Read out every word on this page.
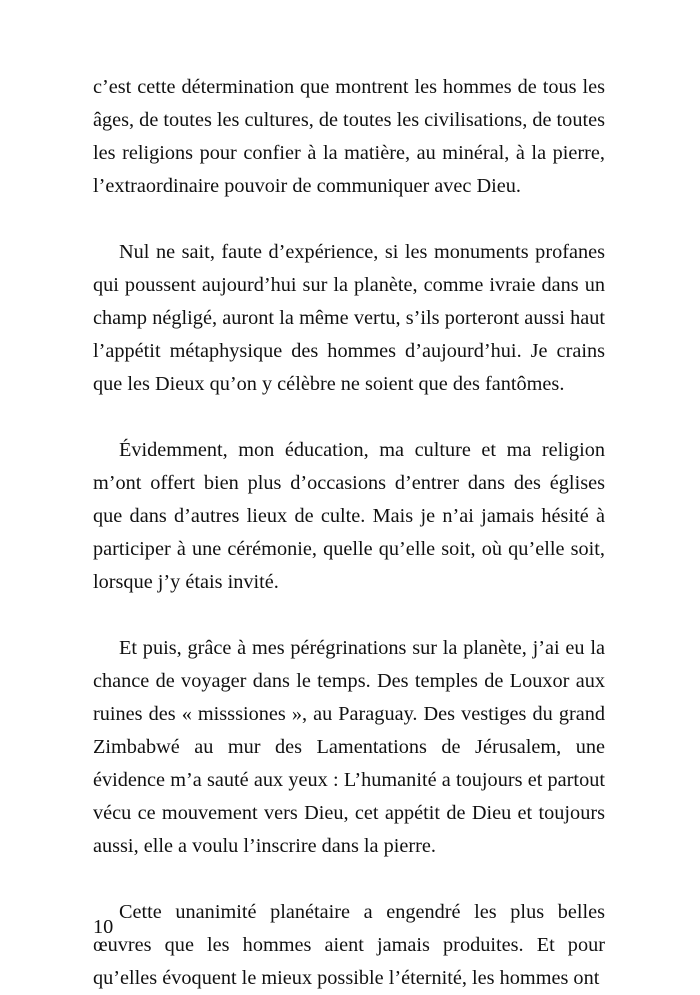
c’est cette détermination que montrent les hommes de tous les âges, de toutes les cultures, de toutes les civilisations, de toutes les religions pour confier à la matière, au minéral, à la pierre, l’extraordinaire pouvoir de communiquer avec Dieu.

Nul ne sait, faute d’expérience, si les monuments profanes qui poussent aujourd’hui sur la planète, comme ivraie dans un champ négligé, auront la même vertu, s’ils porteront aussi haut l’appétit métaphysique des hommes d’aujourd’hui. Je crains que les Dieux qu’on y célèbre ne soient que des fantômes.

Évidemment, mon éducation, ma culture et ma religion m’ont offert bien plus d’occasions d’entrer dans des églises que dans d’autres lieux de culte. Mais je n’ai jamais hésité à participer à une cérémonie, quelle qu’elle soit, où qu’elle soit, lorsque j’y étais invité.

Et puis, grâce à mes pérégrinations sur la planète, j’ai eu la chance de voyager dans le temps. Des temples de Louxor aux ruines des « misssiones », au Paraguay. Des vestiges du grand Zimbabwé au mur des Lamentations de Jérusalem, une évidence m’a sauté aux yeux : L’humanité a toujours et partout vécu ce mouvement vers Dieu, cet appétit de Dieu et toujours aussi, elle a voulu l’inscrire dans la pierre.

Cette unanimité planétaire a engendré les plus belles œuvres que les hommes aient jamais produites. Et pour qu’elles évoquent le mieux possible l’éternité, les hommes ont

10
